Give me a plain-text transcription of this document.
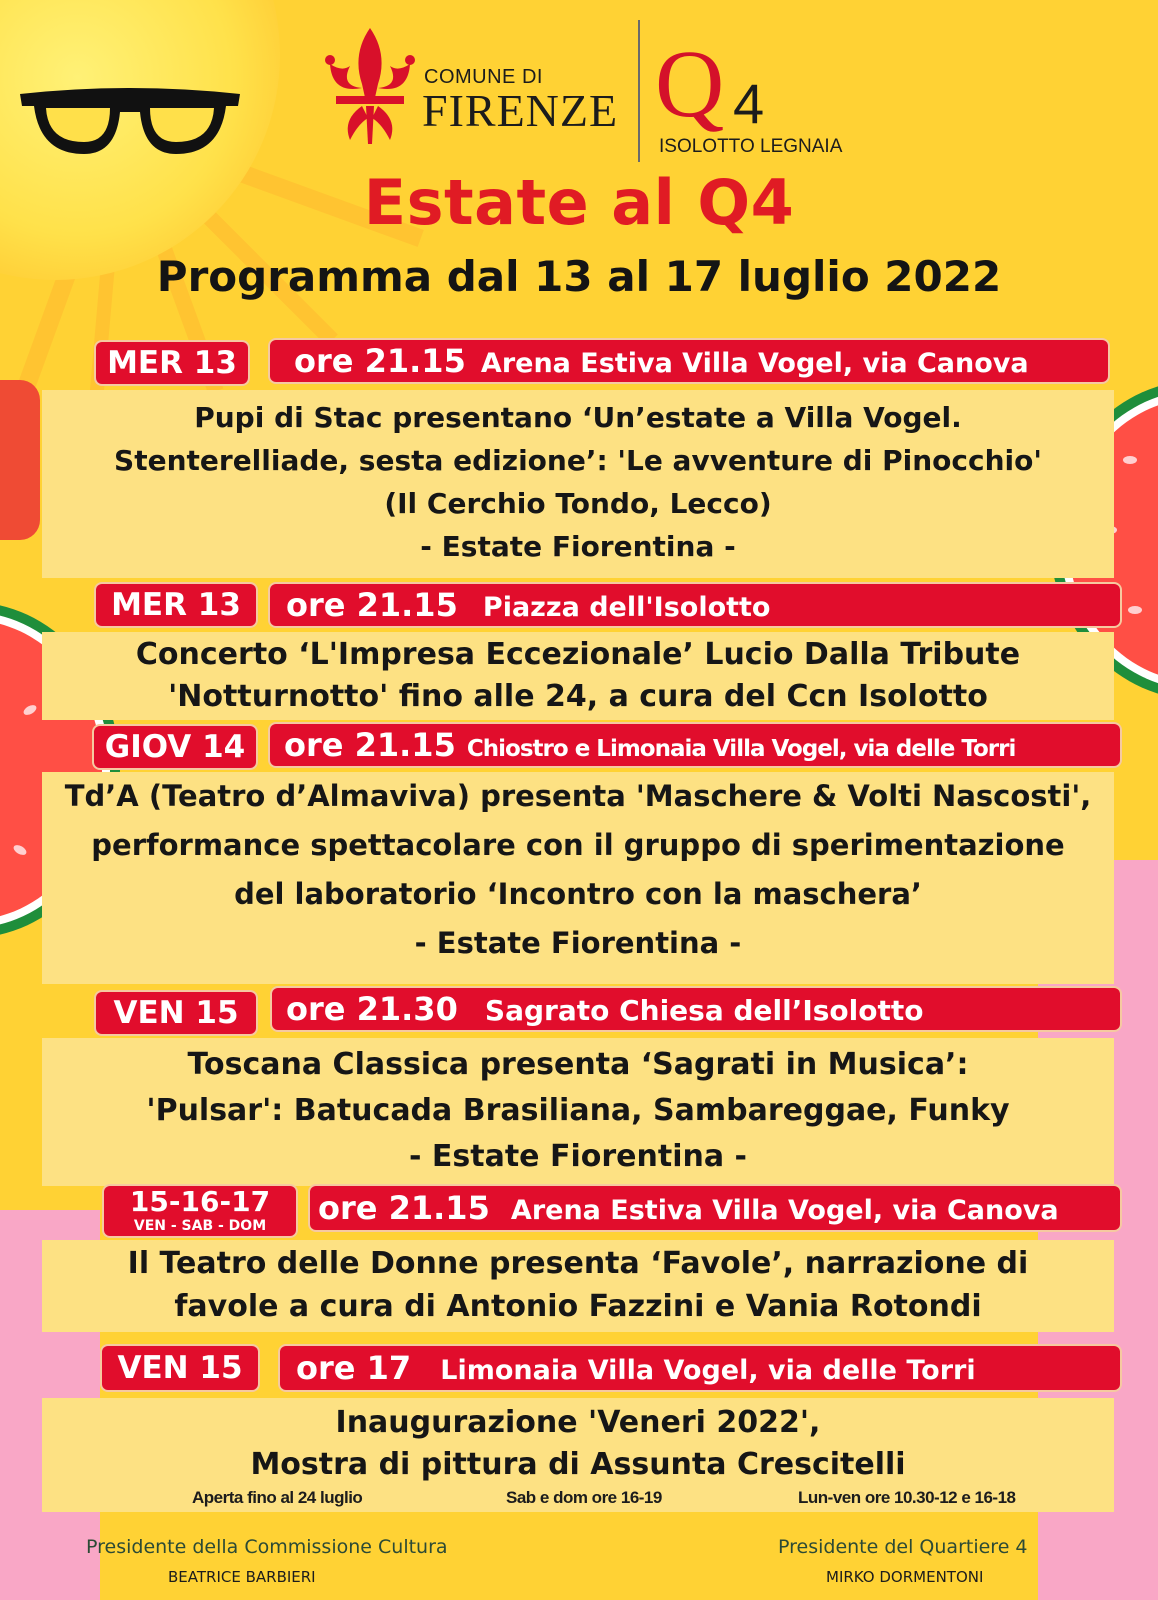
COMUNE DI
FIRENZE Q 4
ISOLOTTO LEGNAIA
Estate al Q4
Programma dal 13 al 17 luglio 2022
MER 13	ore 21.15 Arena Estiva Villa Vogel, via Canova
Pupi di Stac presentano ‘Un’estate a Villa Vogel.
Stenterelliade, sesta edizione’: 'Le avventure di Pinocchio'
(Il Cerchio Tondo, Lecco)
- Estate Fiorentina -
MER 13	ore 21.15 Piazza dell'Isolotto
Concerto ‘L'Impresa Eccezionale’ Lucio Dalla Tribute
'Notturnotto' fino alle 24, a cura del Ccn Isolotto
GIOV 14	ore 21.15 Chiostro e Limonaia Villa Vogel, via delle Torri
Td’A (Teatro d’Almaviva) presenta 'Maschere & Volti Nascosti',
performance spettacolare con il gruppo di sperimentazione
del laboratorio ‘Incontro con la maschera’
- Estate Fiorentina -
VEN 15	ore 21.30 Sagrato Chiesa dell’Isolotto
Toscana Classica presenta ‘Sagrati in Musica’:
'Pulsar': Batucada Brasiliana, Sambareggae, Funky
- Estate Fiorentina -
15-16-17
VEN - SAB - DOM	ore 21.15 Arena Estiva Villa Vogel, via Canova
Il Teatro delle Donne presenta ‘Favole’, narrazione di
favole a cura di Antonio Fazzini e Vania Rotondi
VEN 15	ore 17 Limonaia Villa Vogel, via delle Torri
Inaugurazione 'Veneri 2022',
Mostra di pittura di Assunta Crescitelli
Aperta fino al 24 luglio	Sab e dom ore 16-19	Lun-ven ore 10.30-12 e 16-18
Presidente della Commissione Cultura
BEATRICE BARBIERI
Presidente del Quartiere 4
MIRKO DORMENTONI
